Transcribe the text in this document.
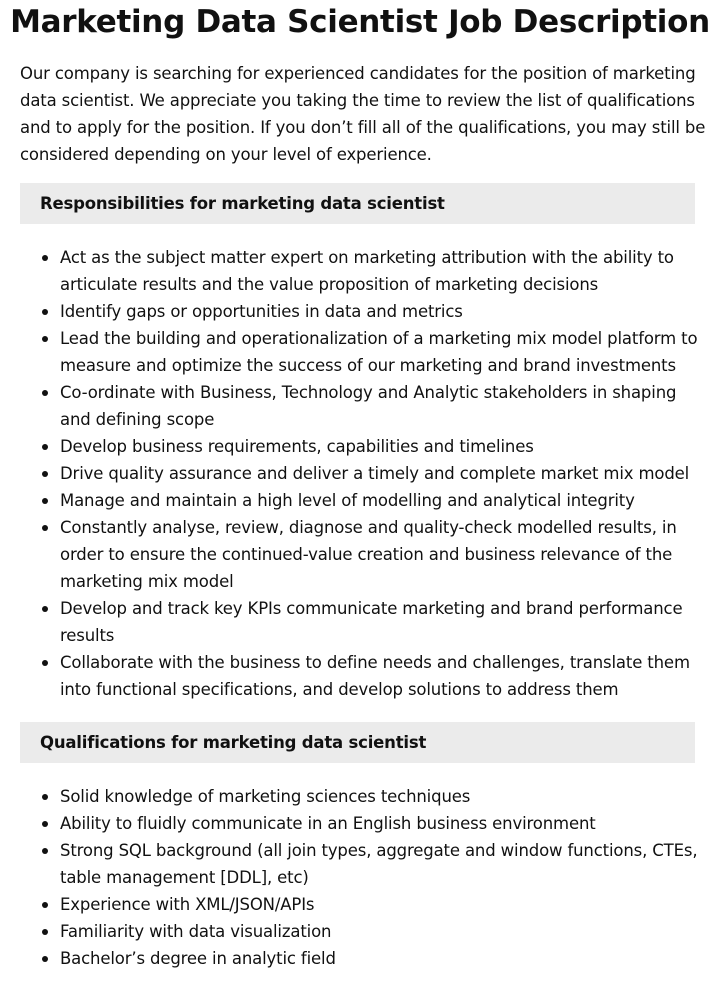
Marketing Data Scientist Job Description

Our company is searching for experienced candidates for the position of marketing data scientist. We appreciate you taking the time to review the list of qualifications and to apply for the position. If you don’t fill all of the qualifications, you may still be considered depending on your level of experience.

Responsibilities for marketing data scientist
Act as the subject matter expert on marketing attribution with the ability to articulate results and the value proposition of marketing decisions
Identify gaps or opportunities in data and metrics
Lead the building and operationalization of a marketing mix model platform to measure and optimize the success of our marketing and brand investments
Co-ordinate with Business, Technology and Analytic stakeholders in shaping and defining scope
Develop business requirements, capabilities and timelines
Drive quality assurance and deliver a timely and complete market mix model
Manage and maintain a high level of modelling and analytical integrity
Constantly analyse, review, diagnose and quality-check modelled results, in order to ensure the continued-value creation and business relevance of the marketing mix model
Develop and track key KPIs communicate marketing and brand performance results
Collaborate with the business to define needs and challenges, translate them into functional specifications, and develop solutions to address them
Qualifications for marketing data scientist
Solid knowledge of marketing sciences techniques
Ability to fluidly communicate in an English business environment
Strong SQL background (all join types, aggregate and window functions, CTEs, table management [DDL], etc)
Experience with XML/JSON/APIs
Familiarity with data visualization
Bachelor’s degree in analytic field
